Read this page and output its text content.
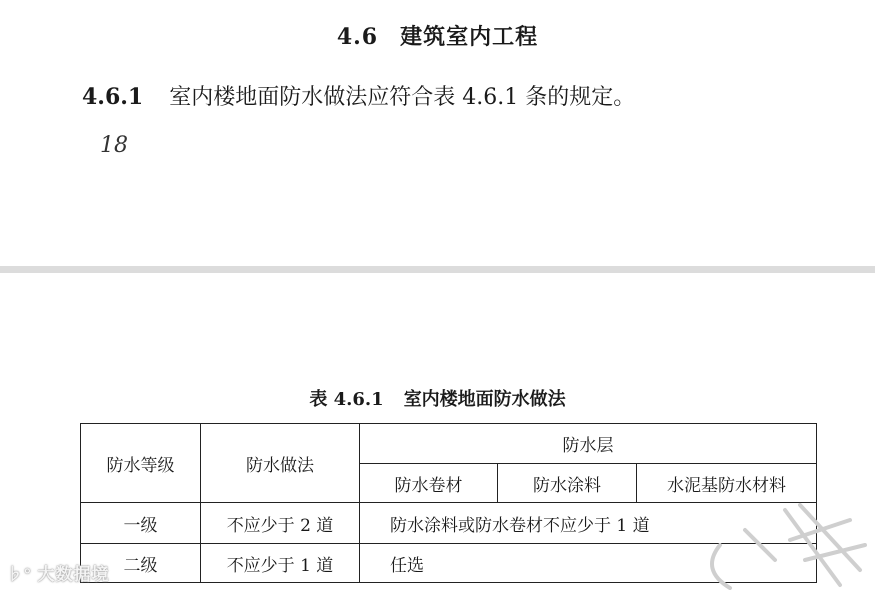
4.6 建筑室内工程
4.6.1 室内楼地面防水做法应符合表 4.6.1 条的规定。
18
表 4.6.1 室内楼地面防水做法
防水等级	防水做法	防水层		
		防水卷材	防水涂料	水泥基防水材料
一级	不应少于 2 道	防水涂料或防水卷材不应少于 1 道		
二级	不应少于 1 道	任选		
♭° 大数据境
